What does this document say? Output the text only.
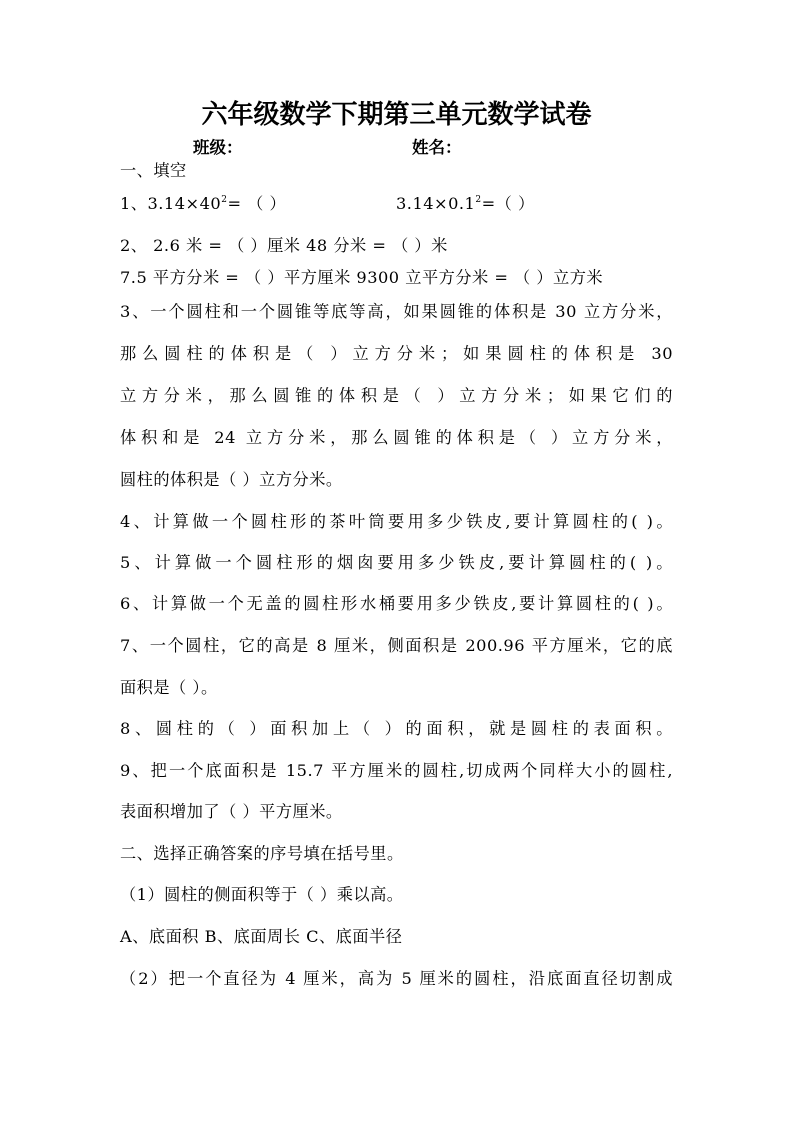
六年级数学下期第三单元数学试卷
班级：	姓名：
一、填空
1、$3.14\times 40^2=$ （ ）	$3.14\times 0.1^2=$（ ）
2、 2.6 米 = （ ）厘米 48 分米 = （ ）米
7.5 平方分米 = （ ）平方厘米 9300 立平方分米 = （ ）立方米
3、一个圆柱和一个圆锥等底等高，如果圆锥的体积是 30 立方分米，
那么圆柱的体积是（ ）立方分米；如果圆柱的体积是 30
立方分米，那么圆锥的体积是（ ）立方分米；如果它们的
体积和是 24 立方分米，那么圆锥的体积是（ ）立方分米，
圆柱的体积是（ ）立方分米。
4、计算做一个圆柱形的茶叶筒要用多少铁皮,要计算圆柱的( )。
5、计算做一个圆柱形的烟囱要用多少铁皮,要计算圆柱的( )。
6、计算做一个无盖的圆柱形水桶要用多少铁皮,要计算圆柱的( )。
7、一个圆柱，它的高是 8 厘米，侧面积是 200.96 平方厘米，它的底
面积是（ ）。
8、圆柱的（ ）面积加上（ ）的面积，就是圆柱的表面积。
9、把一个底面积是 15.7 平方厘米的圆柱,切成两个同样大小的圆柱,
表面积增加了（ ）平方厘米。
二、选择正确答案的序号填在括号里。
（1）圆柱的侧面积等于（ ）乘以高。
A、底面积 B、底面周长 C、底面半径
（2）把一个直径为 4 厘米，高为 5 厘米的圆柱，沿底面直径切割成
